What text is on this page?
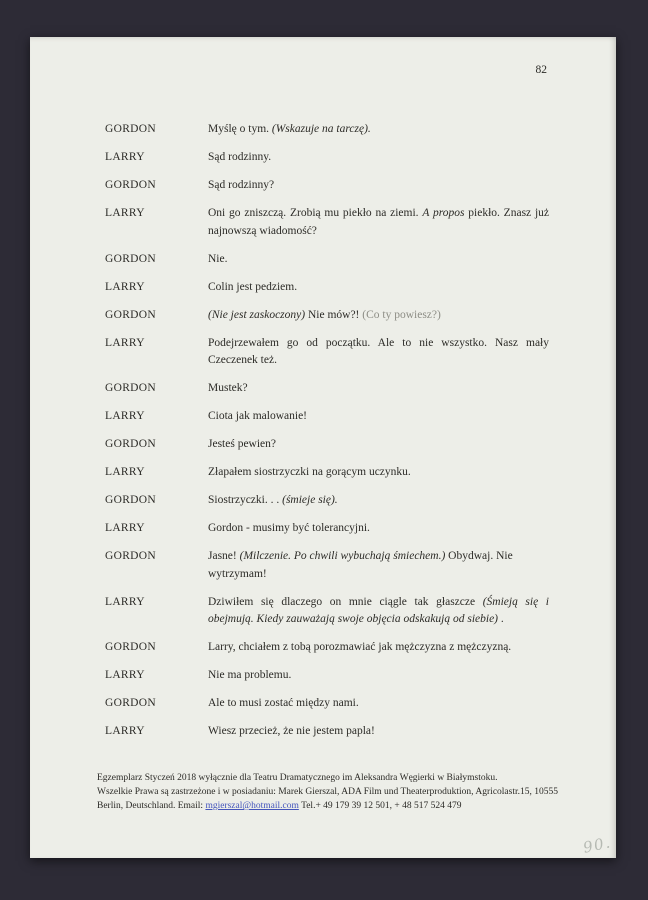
82
GORDON	Myślę o tym. (Wskazuje na tarczę).
LARRY	Sąd rodzinny.
GORDON	Sąd rodzinny?
LARRY	Oni go zniszczą. Zrobią mu piekło na ziemi. A propos piekło. Znasz już najnowszą wiadomość?
GORDON	Nie.
LARRY	Colin jest pedziem.
GORDON	(Nie jest zaskoczony) Nie mów?! (Co ty powiesz?)
LARRY	Podejrzewałem go od początku. Ale to nie wszystko. Nasz mały Czeczenek też.
GORDON	Mustek?
LARRY	Ciota jak malowanie!
GORDON	Jesteś pewien?
LARRY	Złapałem siostrzyczki na gorącym uczynku.
GORDON	Siostrzyczki. . . (śmieje się).
LARRY	Gordon - musimy być tolerancyjni.
GORDON	Jasne! (Milczenie. Po chwili wybuchają śmiechem.) Obydwaj. Nie wytrzymam!
LARRY	Dziwiłem się dlaczego on mnie ciągle tak głaszcze (Śmieją się i obejmują. Kiedy zauważają swoje objęcia odskakują od siebie) .
GORDON	Larry, chciałem z tobą porozmawiać jak mężczyzna z mężczyzną.
LARRY	Nie ma problemu.
GORDON	Ale to musi zostać między nami.
LARRY	Wiesz przecież, że nie jestem papla!
Egzemplarz Styczeń 2018 wyłącznie dla Teatru Dramatycznego im Aleksandra Węgierki w Białymstoku.
Wszelkie Prawa są zastrzeżone i w posiadaniu: Marek Gierszal, ADA Film und Theaterproduktion, Agricolastr.15, 10555
Berlin, Deutschland. Email: mgierszal@hotmail.com Tel.+ 49 179 39 12 501, + 48 517 524 479
90.
